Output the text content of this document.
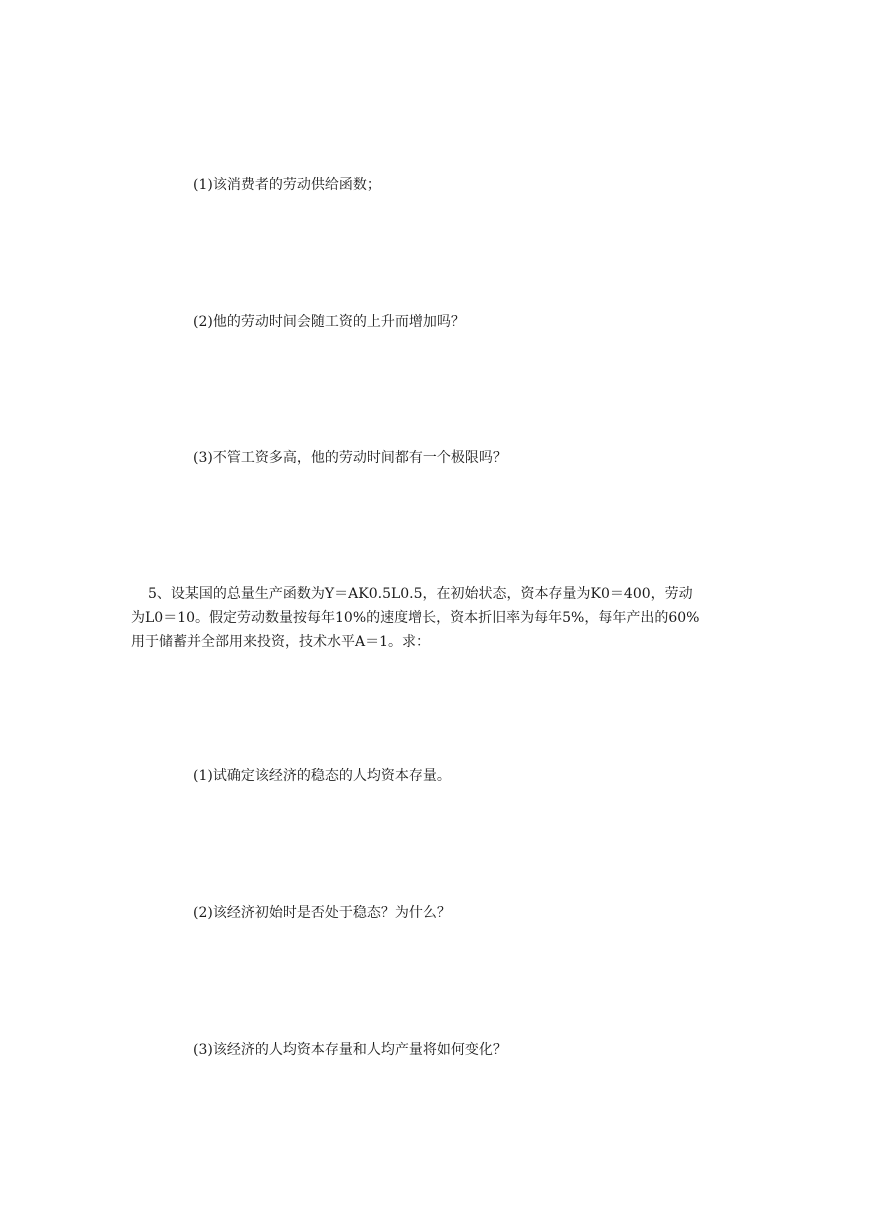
(1)该消费者的劳动供给函数；
(2)他的劳动时间会随工资的上升而增加吗？
(3)不管工资多高，他的劳动时间都有一个极限吗？
5、设某国的总量生产函数为Y＝AK0.5L0.5，在初始状态，资本存量为K0＝400，劳动
为L0＝10。假定劳动数量按每年10%的速度增长，资本折旧率为每年5%，每年产出的60%
用于储蓄并全部用来投资，技术水平A＝1。求：
(1)试确定该经济的稳态的人均资本存量。
(2)该经济初始时是否处于稳态？为什么？
(3)该经济的人均资本存量和人均产量将如何变化？
